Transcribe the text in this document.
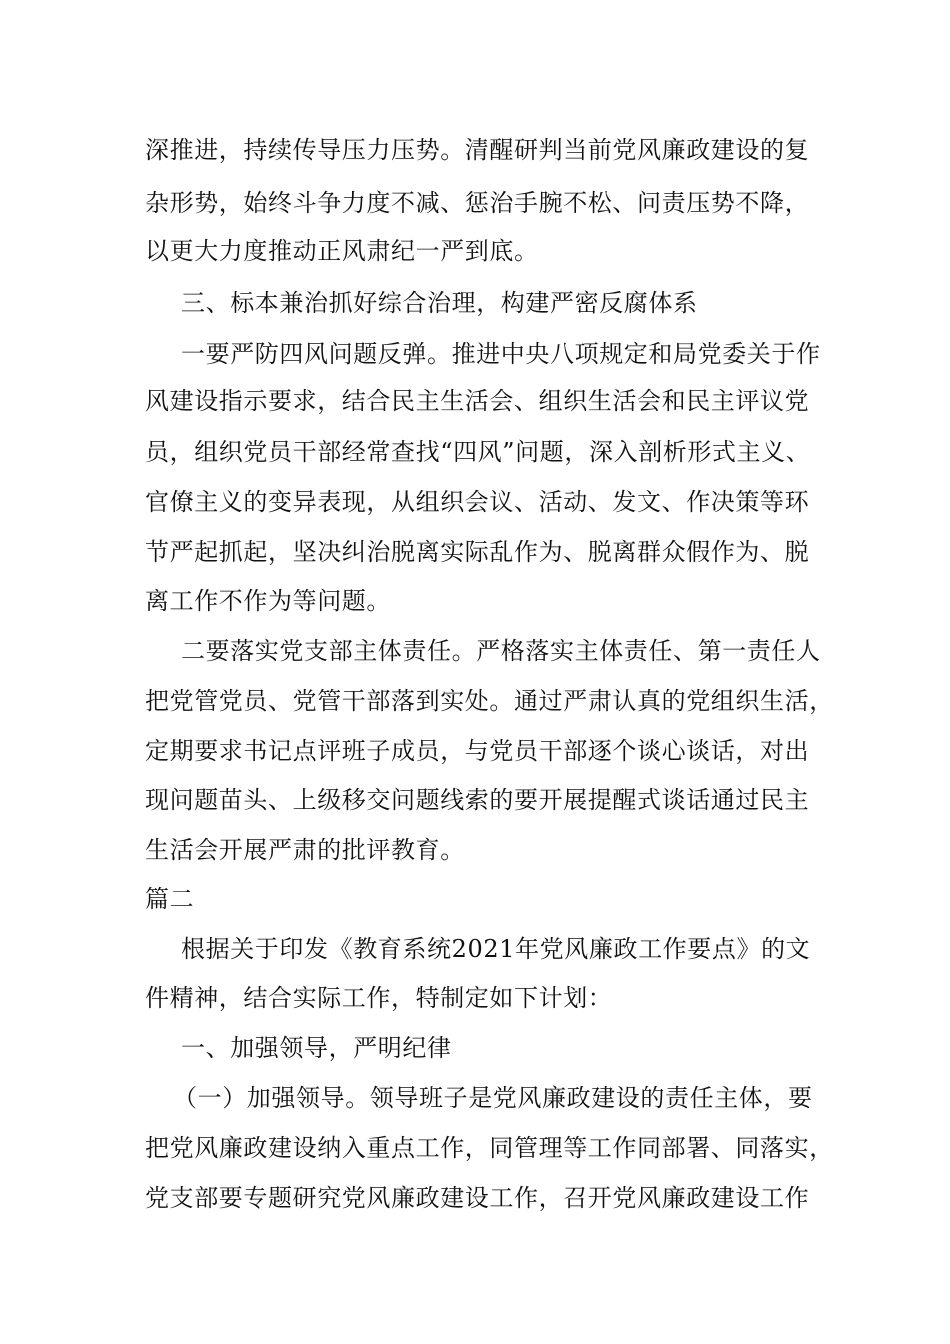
深推进，持续传导压力压势。清醒研判当前党风廉政建设的复
杂形势，始终斗争力度不减、惩治手腕不松、问责压势不降，
以更大力度推动正风肃纪一严到底。
三、标本兼治抓好综合治理，构建严密反腐体系
一要严防四风问题反弹。推进中央八项规定和局党委关于作
风建设指示要求，结合民主生活会、组织生活会和民主评议党
员，组织党员干部经常查找“四风”问题，深入剖析形式主义、
官僚主义的变异表现，从组织会议、活动、发文、作决策等环
节严起抓起，坚决纠治脱离实际乱作为、脱离群众假作为、脱
离工作不作为等问题。
二要落实党支部主体责任。严格落实主体责任、第一责任人
把党管党员、党管干部落到实处。通过严肃认真的党组织生活，
定期要求书记点评班子成员，与党员干部逐个谈心谈话，对出
现问题苗头、上级移交问题线索的要开展提醒式谈话通过民主
生活会开展严肃的批评教育。
篇二
根据关于印发《教育系统2021年党风廉政工作要点》的文
件精神，结合实际工作，特制定如下计划：
一、加强领导，严明纪律
（一）加强领导。领导班子是党风廉政建设的责任主体，要
把党风廉政建设纳入重点工作，同管理等工作同部署、同落实，
党支部要专题研究党风廉政建设工作，召开党风廉政建设工作
